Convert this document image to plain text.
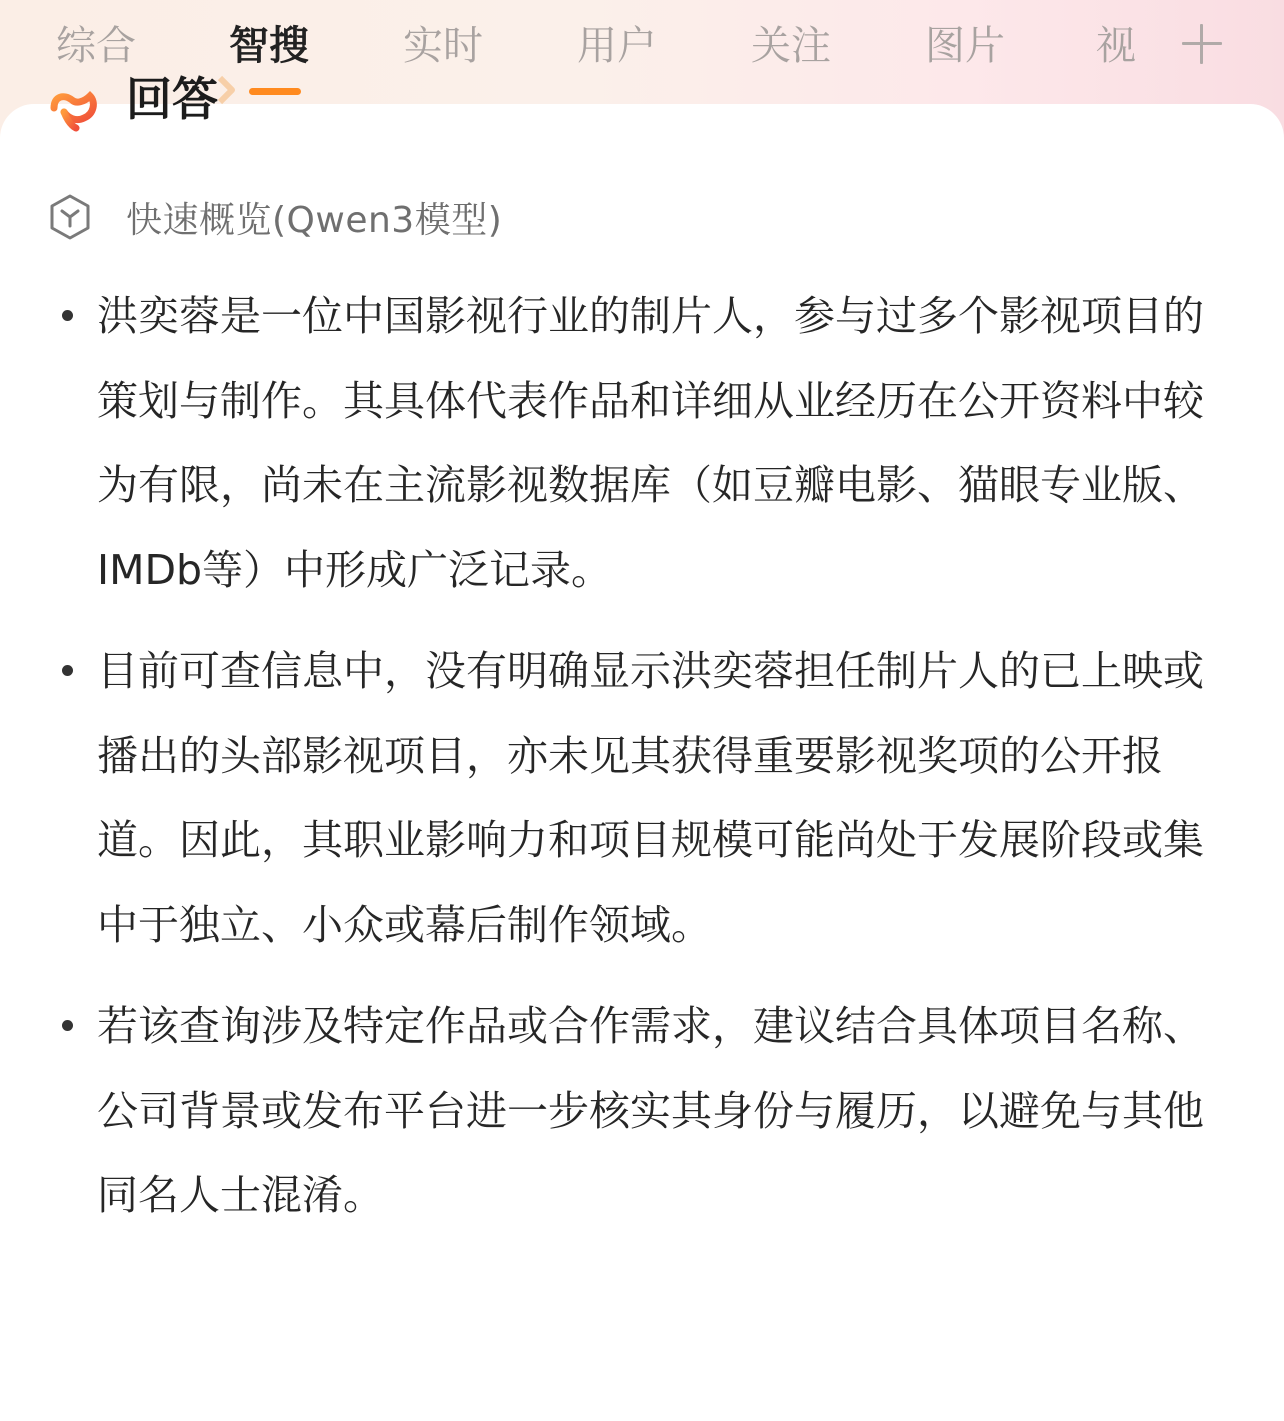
综合 智搜 实时 用户 关注 图片 视
回答
快速概览(Qwen3模型)
洪奕蓉是一位中国影视行业的制片人，参与过多个影视项目的策划与制作。其具体代表作品和详细从业经历在公开资料中较为有限，尚未在主流影视数据库（如豆瓣电影、猫眼专业版、IMDb等）中形成广泛记录。
目前可查信息中，没有明确显示洪奕蓉担任制片人的已上映或播出的头部影视项目，亦未见其获得重要影视奖项的公开报道。因此，其职业影响力和项目规模可能尚处于发展阶段或集中于独立、小众或幕后制作领域。
若该查询涉及特定作品或合作需求，建议结合具体项目名称、公司背景或发布平台进一步核实其身份与履历，以避免与其他同名人士混淆。
